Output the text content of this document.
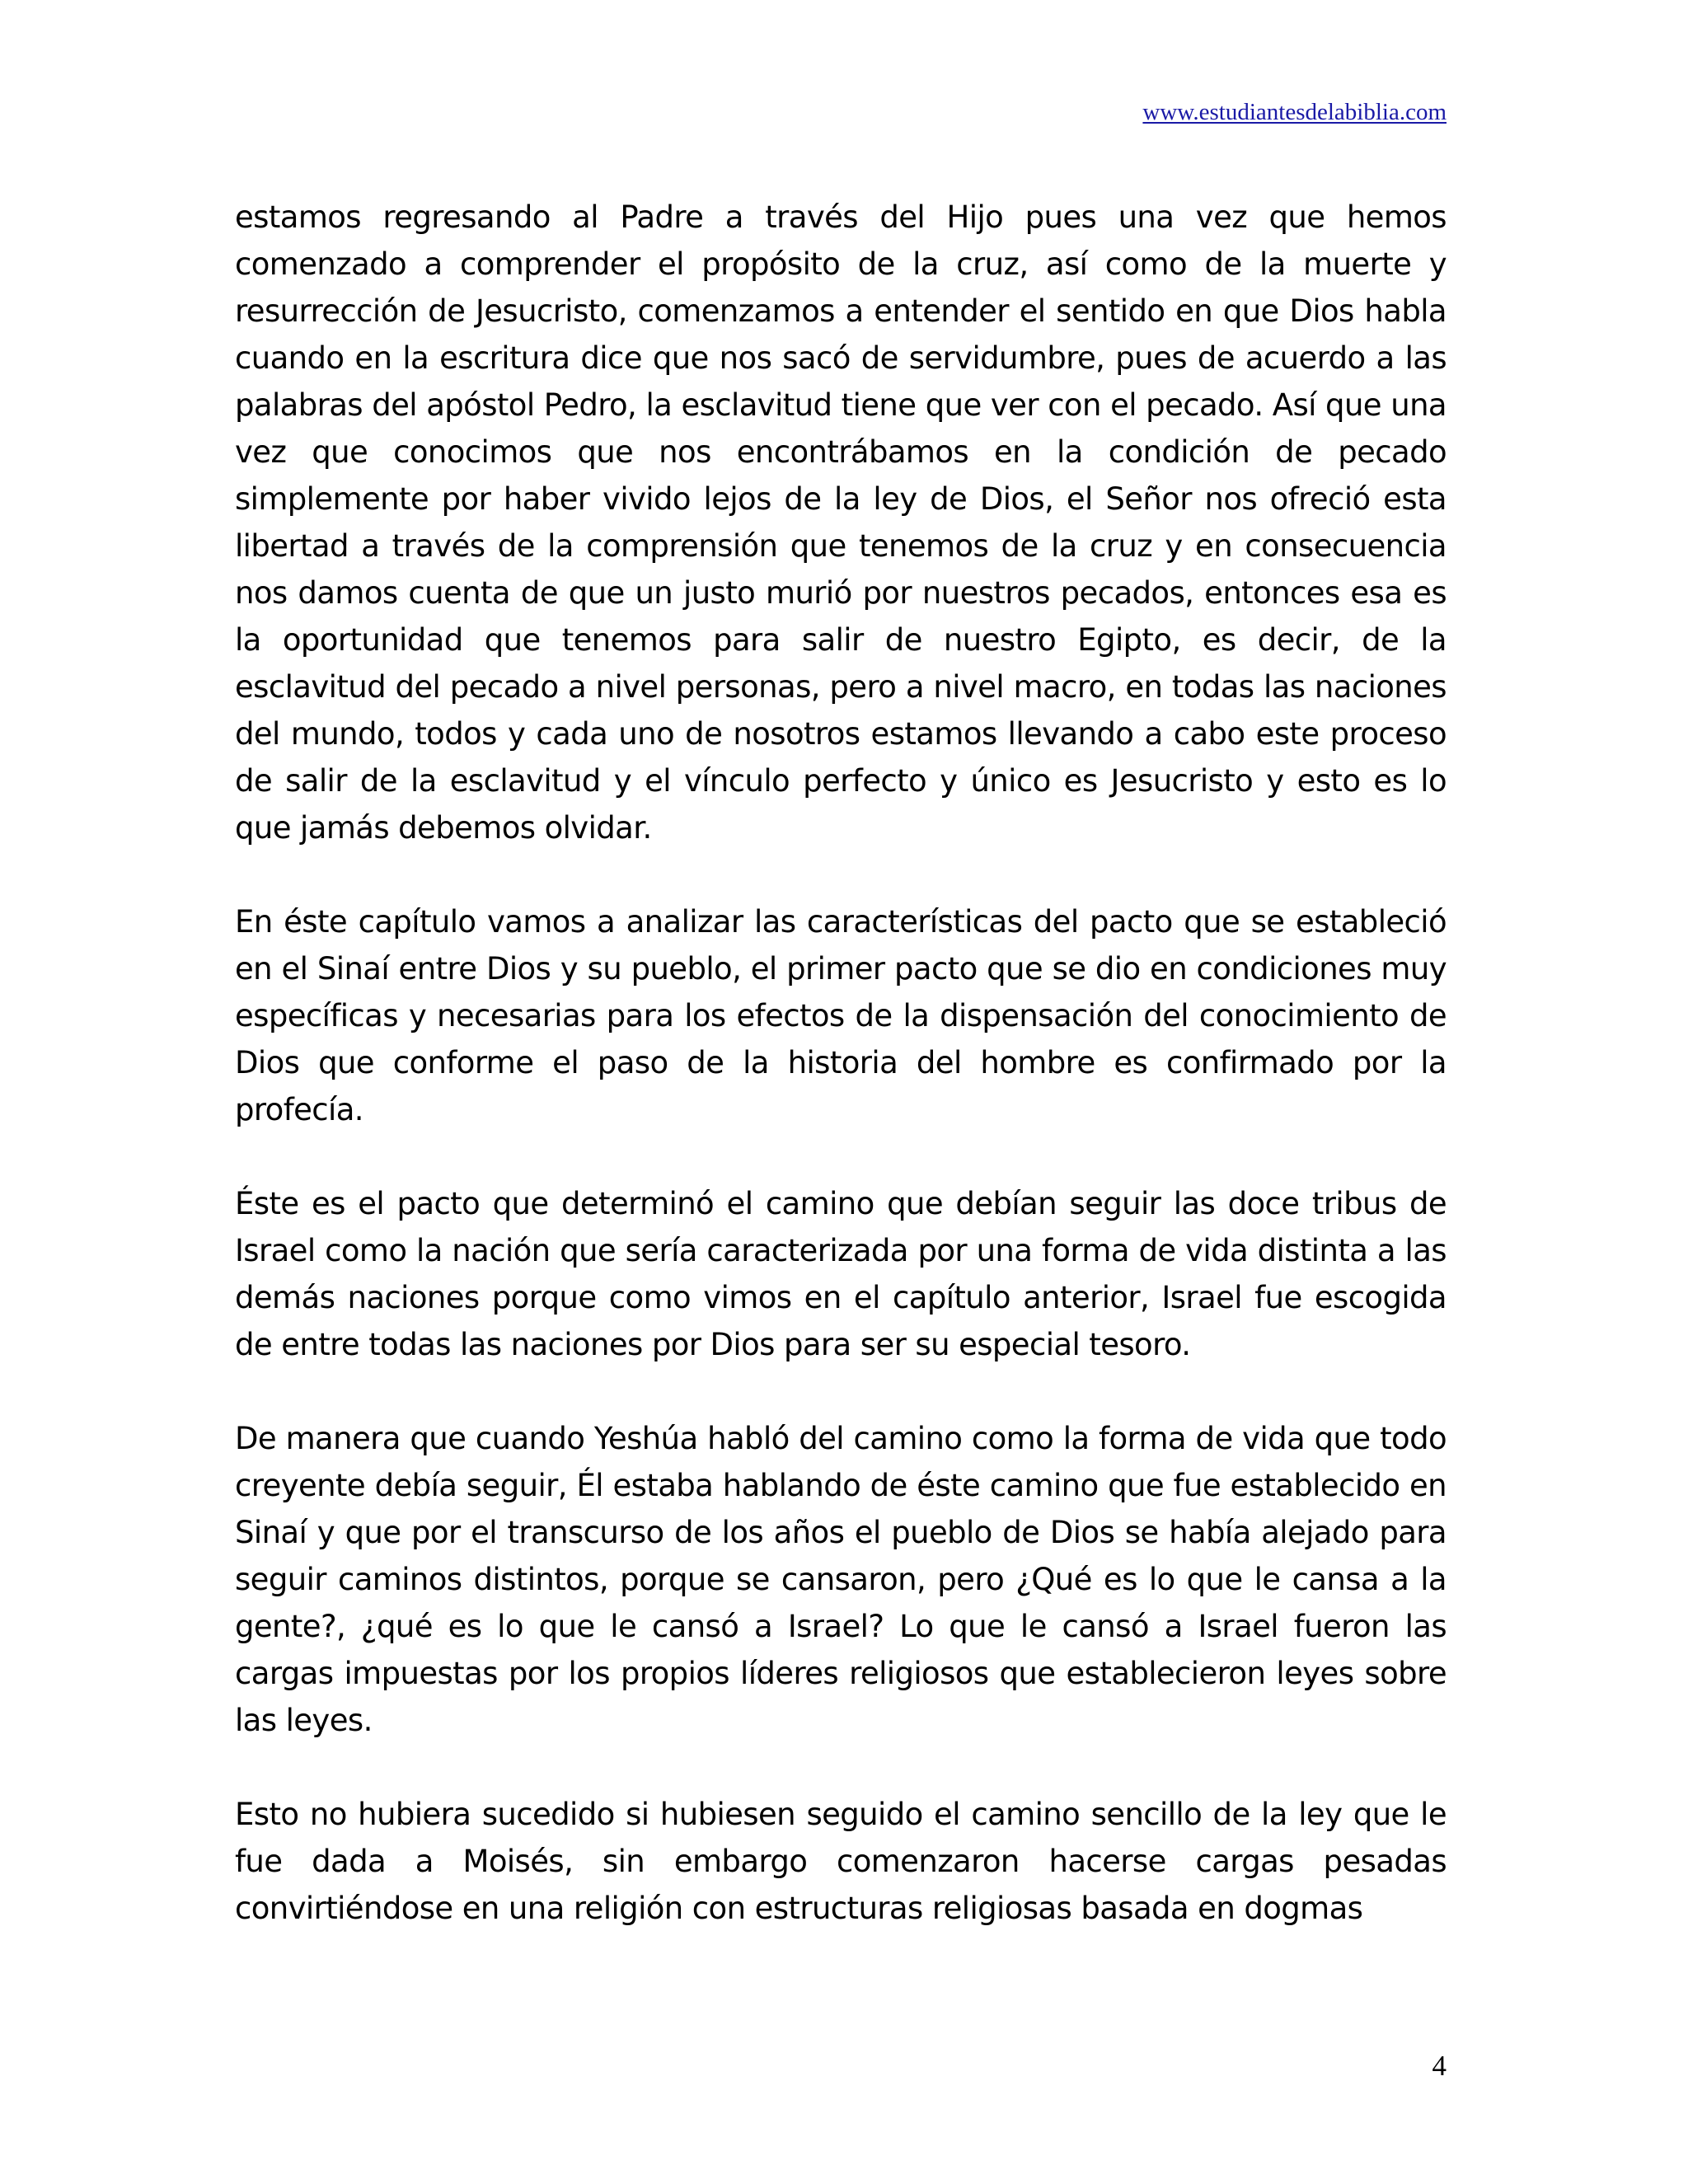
www.estudiantesdelabiblia.com

estamos regresando al Padre a través del Hijo pues una vez que hemos comenzado a comprender el propósito de la cruz, así como de la muerte y resurrección de Jesucristo, comenzamos a entender el sentido en que Dios habla cuando en la escritura dice que nos sacó de servidumbre, pues de acuerdo a las palabras del apóstol Pedro, la esclavitud tiene que ver con el pecado. Así que una vez que conocimos que nos encontrábamos en la condición de pecado simplemente por haber vivido lejos de la ley de Dios, el Señor nos ofreció esta libertad a través de la comprensión que tenemos de la cruz y en consecuencia nos damos cuenta de que un justo murió por nuestros pecados, entonces esa es la oportunidad que tenemos para salir de nuestro Egipto, es decir, de la esclavitud del pecado a nivel personas, pero a nivel macro, en todas las naciones del mundo, todos y cada uno de nosotros estamos llevando a cabo este proceso de salir de la esclavitud y el vínculo perfecto y único es Jesucristo y esto es lo que jamás debemos olvidar.

En éste capítulo vamos a analizar las características del pacto que se estableció en el Sinaí entre Dios y su pueblo, el primer pacto que se dio en condiciones muy específicas y necesarias para los efectos de la dispensación del conocimiento de Dios que conforme el paso de la historia del hombre es confirmado por la profecía.

Éste es el pacto que determinó el camino que debían seguir las doce tribus de Israel como la nación que sería caracterizada por una forma de vida distinta a las demás naciones porque como vimos en el capítulo anterior, Israel fue escogida de entre todas las naciones por Dios para ser su especial tesoro.

De manera que cuando Yeshúa habló del camino como la forma de vida que todo creyente debía seguir, Él estaba hablando de éste camino que fue establecido en Sinaí y que por el transcurso de los años el pueblo de Dios se había alejado para seguir caminos distintos, porque se cansaron, pero ¿Qué es lo que le cansa a la gente?, ¿qué es lo que le cansó a Israel? Lo que le cansó a Israel fueron las cargas impuestas por los propios líderes religiosos que establecieron leyes sobre las leyes.

Esto no hubiera sucedido si hubiesen seguido el camino sencillo de la ley que le fue dada a Moisés, sin embargo comenzaron hacerse cargas pesadas convirtiéndose en una religión con estructuras religiosas basada en dogmas

4
